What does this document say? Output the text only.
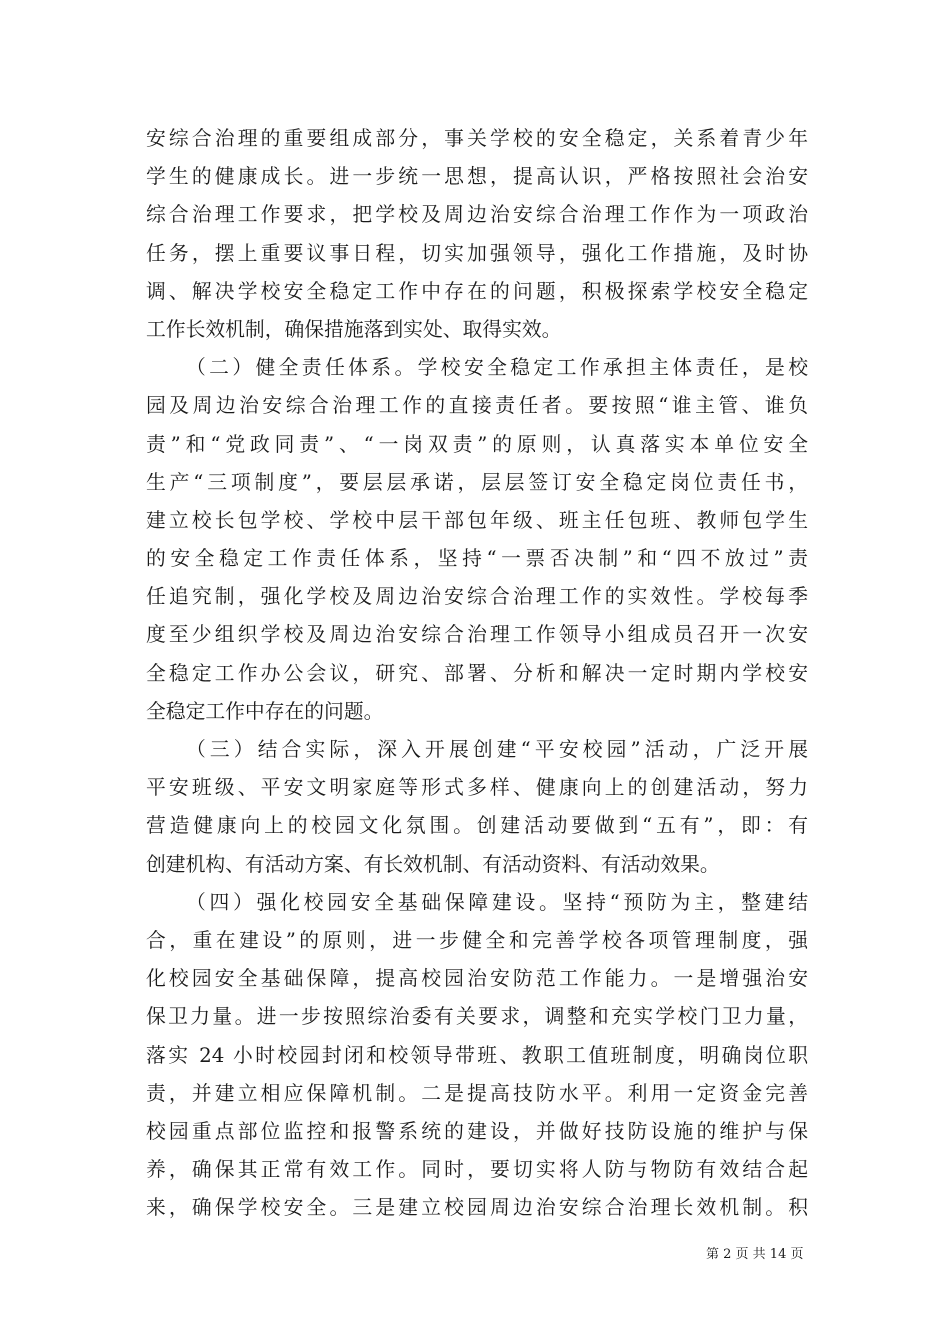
安综合治理的重要组成部分，事关学校的安全稳定，关系着青少年
学生的健康成长。进一步统一思想，提高认识，严格按照社会治安
综合治理工作要求，把学校及周边治安综合治理工作作为一项政治
任务，摆上重要议事日程，切实加强领导，强化工作措施，及时协
调、解决学校安全稳定工作中存在的问题，积极探索学校安全稳定
工作长效机制，确保措施落到实处、取得实效。
（二）健全责任体系。学校安全稳定工作承担主体责任，是校
园及周边治安综合治理工作的直接责任者。要按照“谁主管、谁负
责”和“党政同责”、“一岗双责”的原则，认真落实本单位安全
生产“三项制度”，要层层承诺，层层签订安全稳定岗位责任书，
建立校长包学校、学校中层干部包年级、班主任包班、教师包学生
的安全稳定工作责任体系，坚持“一票否决制”和“四不放过”责
任追究制，强化学校及周边治安综合治理工作的实效性。学校每季
度至少组织学校及周边治安综合治理工作领导小组成员召开一次安
全稳定工作办公会议，研究、部署、分析和解决一定时期内学校安
全稳定工作中存在的问题。
（三）结合实际，深入开展创建“平安校园”活动，广泛开展
平安班级、平安文明家庭等形式多样、健康向上的创建活动，努力
营造健康向上的校园文化氛围。创建活动要做到“五有”，即：有
创建机构、有活动方案、有长效机制、有活动资料、有活动效果。
（四）强化校园安全基础保障建设。坚持“预防为主，整建结
合，重在建设”的原则，进一步健全和完善学校各项管理制度，强
化校园安全基础保障，提高校园治安防范工作能力。一是增强治安
保卫力量。进一步按照综治委有关要求，调整和充实学校门卫力量，
落实 24 小时校园封闭和校领导带班、教职工值班制度，明确岗位职
责，并建立相应保障机制。二是提高技防水平。利用一定资金完善
校园重点部位监控和报警系统的建设，并做好技防设施的维护与保
养，确保其正常有效工作。同时，要切实将人防与物防有效结合起
来，确保学校安全。三是建立校园周边治安综合治理长效机制。积
第 2 页 共 14 页
